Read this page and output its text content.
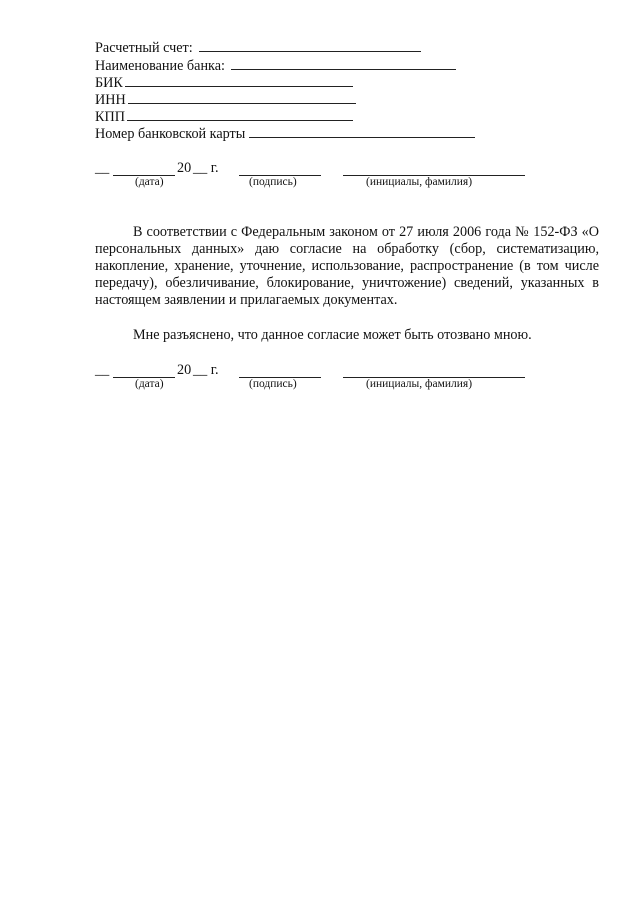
Расчетный счет:
Наименование банка:
БИК
ИНН
КПП
Номер банковской карты
__	20 __ г.
(дата)	(подпись)	(инициалы, фамилия)

В соответствии с Федеральным законом от 27 июля 2006 года № 152-ФЗ «О персональных данных» даю согласие на обработку (сбор, систематизацию, накопление, хранение, уточнение, использование, распространение (в том числе передачу), обезличивание, блокирование, уничтожение) сведений, указанных в настоящем заявлении и прилагаемых документах.

Мне разъяснено, что данное согласие может быть отозвано мною.

__	20 __ г.
(дата)	(подпись)	(инициалы, фамилия)
